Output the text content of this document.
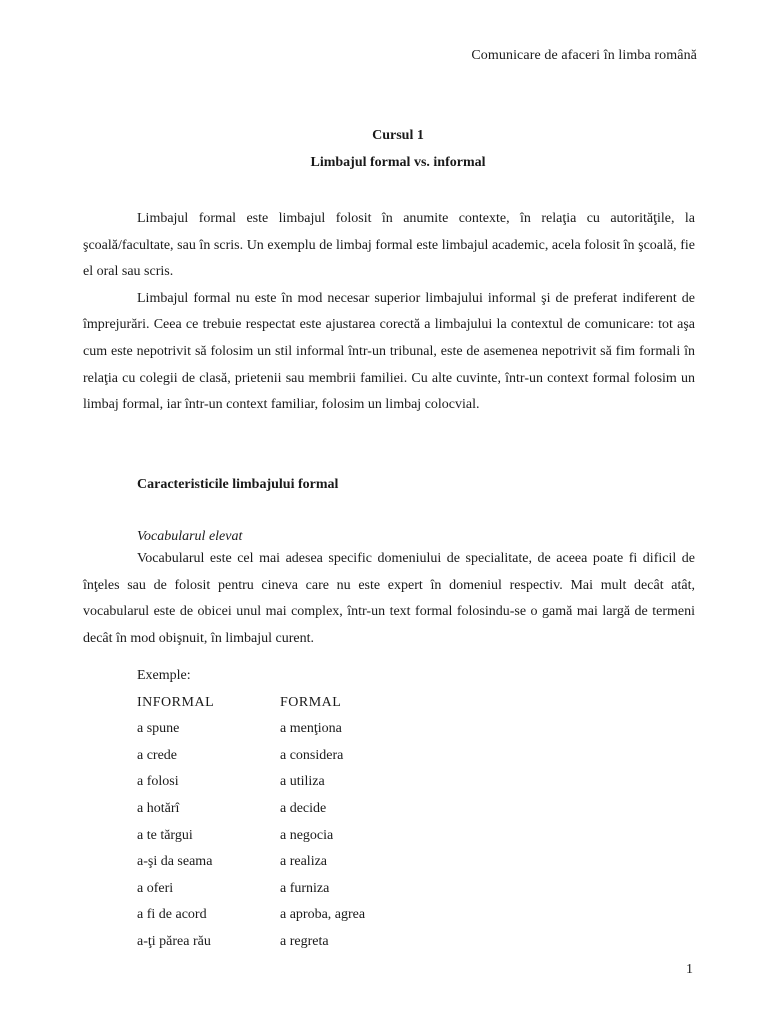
Comunicare de afaceri în limba română
Cursul 1
Limbajul formal vs. informal

Limbajul formal este limbajul folosit în anumite contexte, în relaţia cu autorităţile, la şcoală/facultate, sau în scris. Un exemplu de limbaj formal este limbajul academic, acela folosit în şcoală, fie el oral sau scris.

Limbajul formal nu este în mod necesar superior limbajului informal şi de preferat indiferent de împrejurări. Ceea ce trebuie respectat este ajustarea corectă a limbajului la contextul de comunicare: tot aşa cum este nepotrivit să folosim un stil informal într-un tribunal, este de asemenea nepotrivit să fim formali în relaţia cu colegii de clasă, prietenii sau membrii familiei. Cu alte cuvinte, într-un context formal folosim un limbaj formal, iar într-un context familiar, folosim un limbaj colocvial.

Caracteristicile limbajului formal
Vocabularul elevat

Vocabularul este cel mai adesea specific domeniului de specialitate, de aceea poate fi dificil de înţeles sau de folosit pentru cineva care nu este expert în domeniul respectiv. Mai mult decât atât, vocabularul este de obicei unul mai complex, într-un text formal folosindu-se o gamă mai largă de termeni decât în mod obişnuit, în limbajul curent.

Exemple:
INFORMAL	FORMAL
a spune	a menţiona
a crede	a considera
a folosi	a utiliza
a hotărî	a decide
a te tărgui	a negocia
a-şi da seama	a realiza
a oferi	a furniza
a fi de acord	a aproba, agrea
a-ţi părea rău	a regreta
1
